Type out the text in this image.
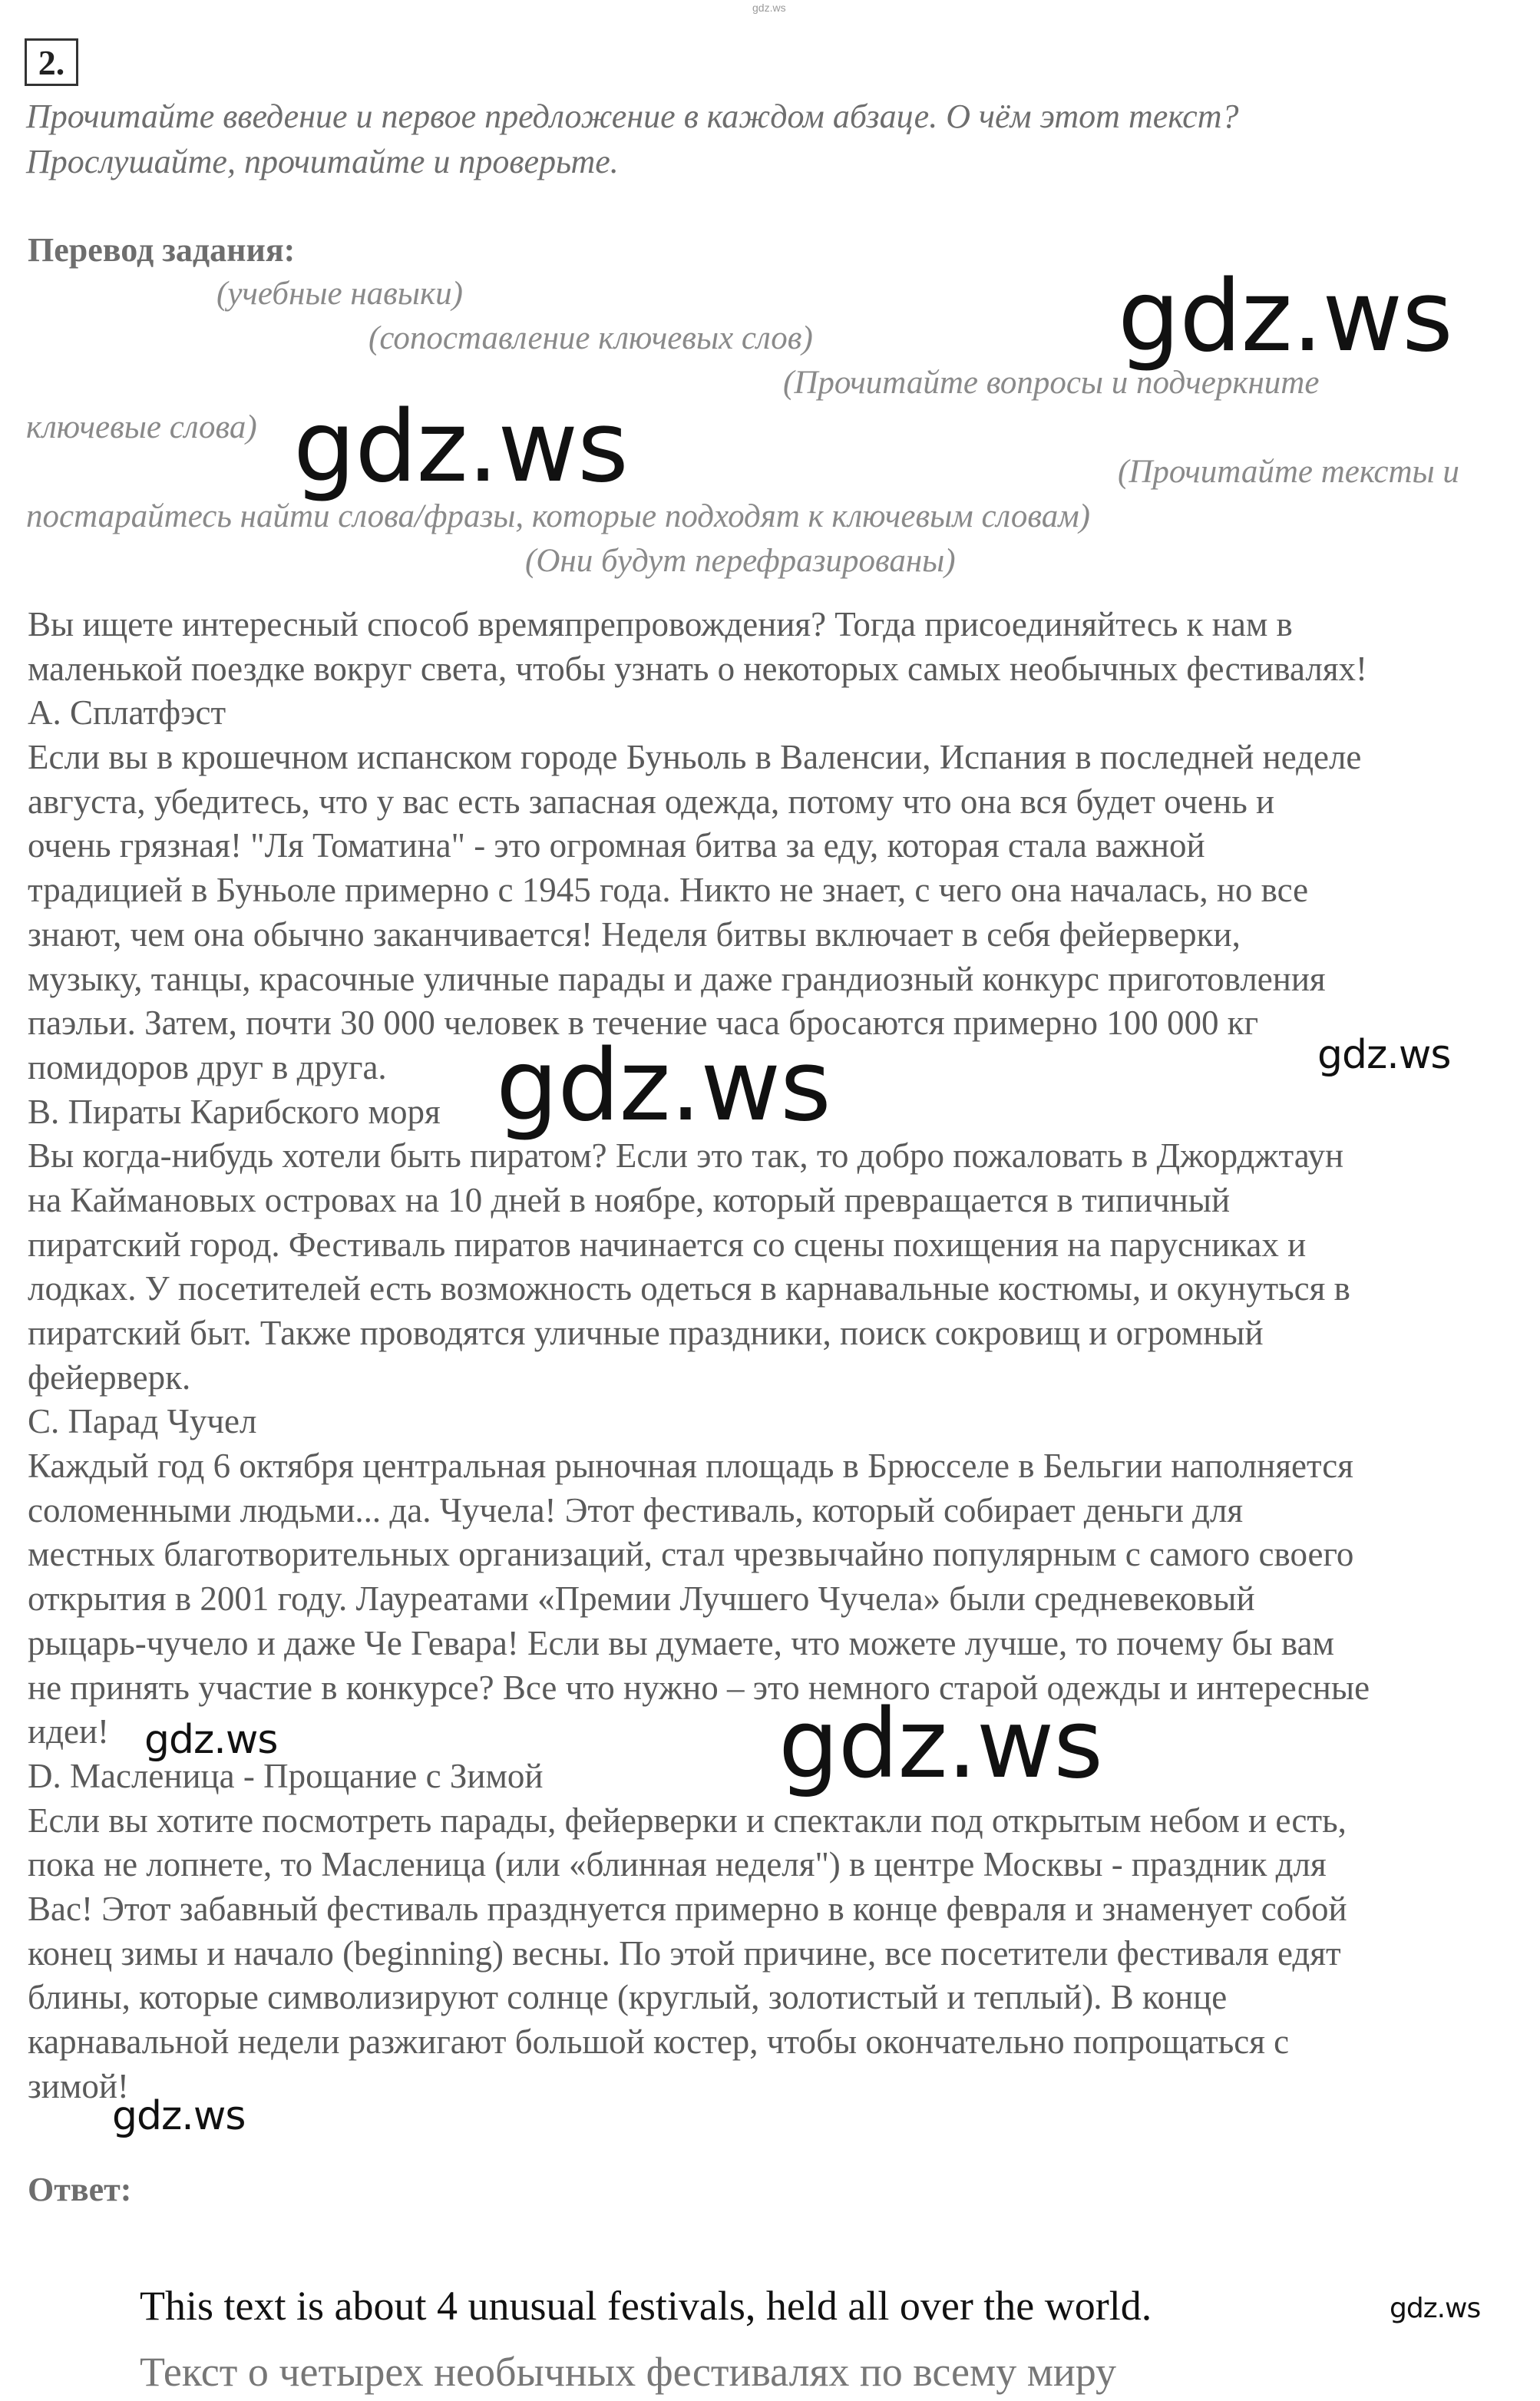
gdz.ws
2.
Прочитайте введение и первое предложение в каждом абзаце. О чём этот текст?
Прослушайте, прочитайте и проверьте.
Перевод задания:
(учебные навыки)
(сопоставление ключевых слов)
(Прочитайте вопросы и подчеркните
ключевые слова)
(Прочитайте тексты и
постарайтесь найти слова/фразы, которые подходят к ключевым словам)
(Они будут перефразированы)
Вы ищете интересный способ времяпрепровождения? Тогда присоединяйтесь к нам в
маленькой поездке вокруг света, чтобы узнать о некоторых самых необычных фестивалях!
A. Сплатфэст
Если вы в крошечном испанском городе Буньоль в Валенсии, Испания в последней неделе
августа, убедитесь, что у вас есть запасная одежда, потому что она вся будет очень и
очень грязная! "Ля Томатина" - это огромная битва за еду, которая стала важной
традицией в Буньоле примерно с 1945 года. Никто не знает, с чего она началась, но все
знают, чем она обычно заканчивается! Неделя битвы включает в себя фейерверки,
музыку, танцы, красочные уличные парады и даже грандиозный конкурс приготовления
паэльи. Затем, почти 30 000 человек в течение часа бросаются примерно 100 000 кг
помидоров друг в друга.
B. Пираты Карибского моря
Вы когда-нибудь хотели быть пиратом? Если это так, то добро пожаловать в Джорджтаун
на Каймановых островах на 10 дней в ноябре, который превращается в типичный
пиратский город. Фестиваль пиратов начинается со сцены похищения на парусниках и
лодках. У посетителей есть возможность одеться в карнавальные костюмы, и окунуться в
пиратский быт. Также проводятся уличные праздники, поиск сокровищ и огромный
фейерверк.
C. Парад Чучел
Каждый год 6 октября центральная рыночная площадь в Брюсселе в Бельгии наполняется
соломенными людьми... да. Чучела! Этот фестиваль, который собирает деньги для
местных благотворительных организаций, стал чрезвычайно популярным с самого своего
открытия в 2001 году. Лауреатами «Премии Лучшего Чучела» были средневековый
рыцарь-чучело и даже Че Гевара! Если вы думаете, что можете лучше, то почему бы вам
не принять участие в конкурсе? Все что нужно – это немного старой одежды и интересные
идеи!
D. Масленица - Прощание с Зимой
Если вы хотите посмотреть парады, фейерверки и спектакли под открытым небом и есть,
пока не лопнете, то Масленица (или «блинная неделя") в центре Москвы - праздник для
Вас! Этот забавный фестиваль празднуется примерно в конце февраля и знаменует собой
конец зимы и начало (beginning) весны. По этой причине, все посетители фестиваля едят
блины, которые символизируют солнце (круглый, золотистый и теплый). В конце
карнавальной недели разжигают большой костер, чтобы окончательно попрощаться с
зимой!
Ответ:
This text is about 4 unusual festivals, held all over the world.
Текст о четырех необычных фестивалях по всему миру
gdz.ws
gdz.ws
gdz.ws	gdz.ws
gdz.ws
gdz.ws
gdz.ws
gdz.ws
